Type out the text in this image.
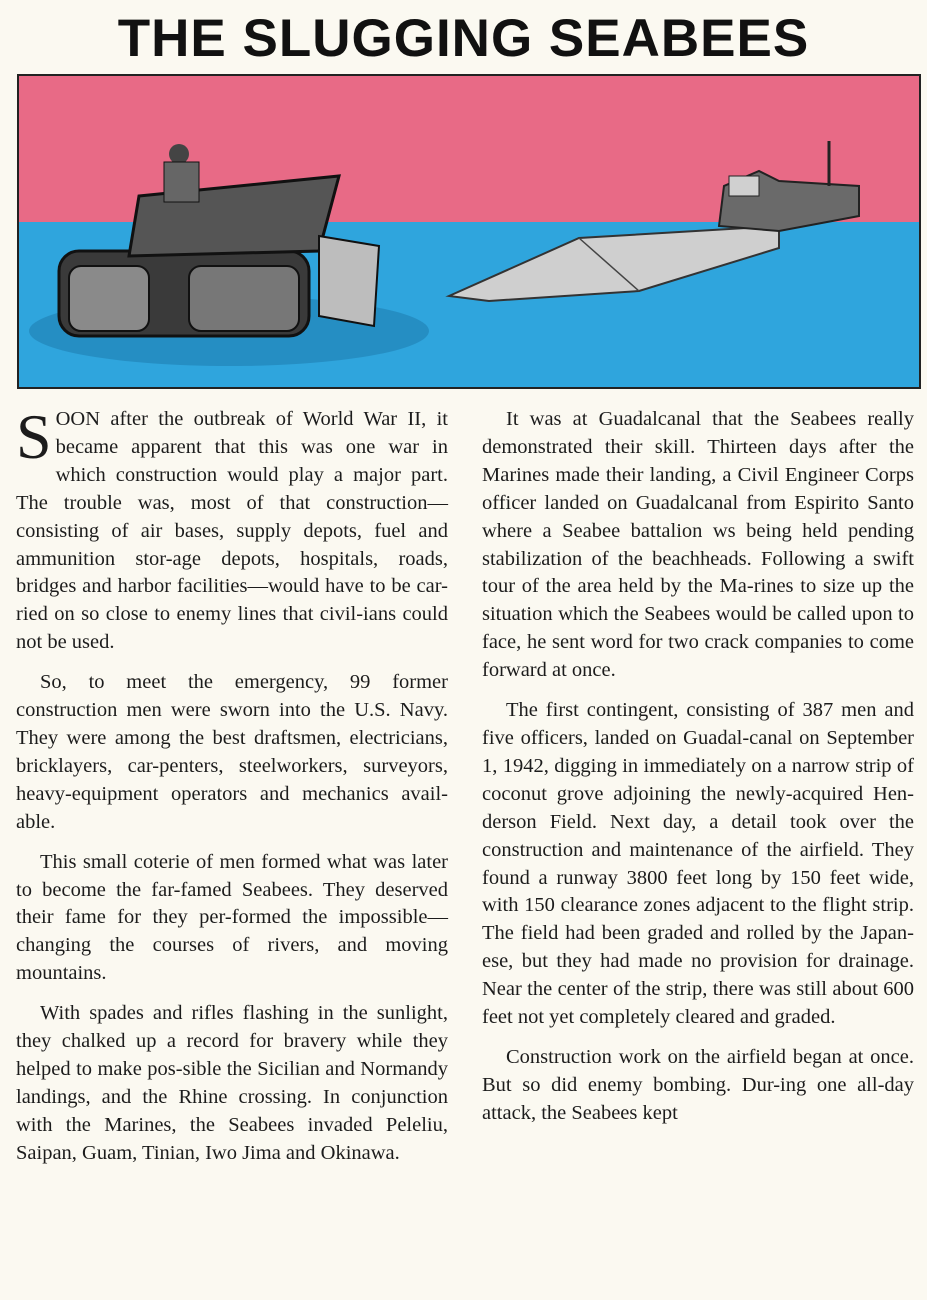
THE SLUGGING SEABEES

SOON after the outbreak of World War II, it became apparent that this was one war in which construction would play a major part. The trouble was, most of that construction—consisting of air bases, supply depots, fuel and ammunition stor-age depots, hospitals, roads, bridges and harbor facilities—would have to be car-ried on so close to enemy lines that civil-ians could not be used.

So, to meet the emergency, 99 former construction men were sworn into the U.S. Navy. They were among the best draftsmen, electricians, bricklayers, car-penters, steelworkers, surveyors, heavy-equipment operators and mechanics avail-able.

This small coterie of men formed what was later to become the far-famed Seabees. They deserved their fame for they per-formed the impossible—changing the courses of rivers, and moving mountains.

With spades and rifles flashing in the sunlight, they chalked up a record for bravery while they helped to make pos-sible the Sicilian and Normandy landings, and the Rhine crossing. In conjunction with the Marines, the Seabees invaded Peleliu, Saipan, Guam, Tinian, Iwo Jima and Okinawa.

It was at Guadalcanal that the Seabees really demonstrated their skill. Thirteen days after the Marines made their landing, a Civil Engineer Corps officer landed on Guadalcanal from Espirito Santo where a Seabee battalion ws being held pending stabilization of the beachheads. Following a swift tour of the area held by the Ma-rines to size up the situation which the Seabees would be called upon to face, he sent word for two crack companies to come forward at once.

The first contingent, consisting of 387 men and five officers, landed on Guadal-canal on September 1, 1942, digging in immediately on a narrow strip of coconut grove adjoining the newly-acquired Hen-derson Field. Next day, a detail took over the construction and maintenance of the airfield. They found a runway 3800 feet long by 150 feet wide, with 150 clearance zones adjacent to the flight strip. The field had been graded and rolled by the Japan-ese, but they had made no provision for drainage. Near the center of the strip, there was still about 600 feet not yet completely cleared and graded.

Construction work on the airfield began at once. But so did enemy bombing. Dur-ing one all-day attack, the Seabees kept
